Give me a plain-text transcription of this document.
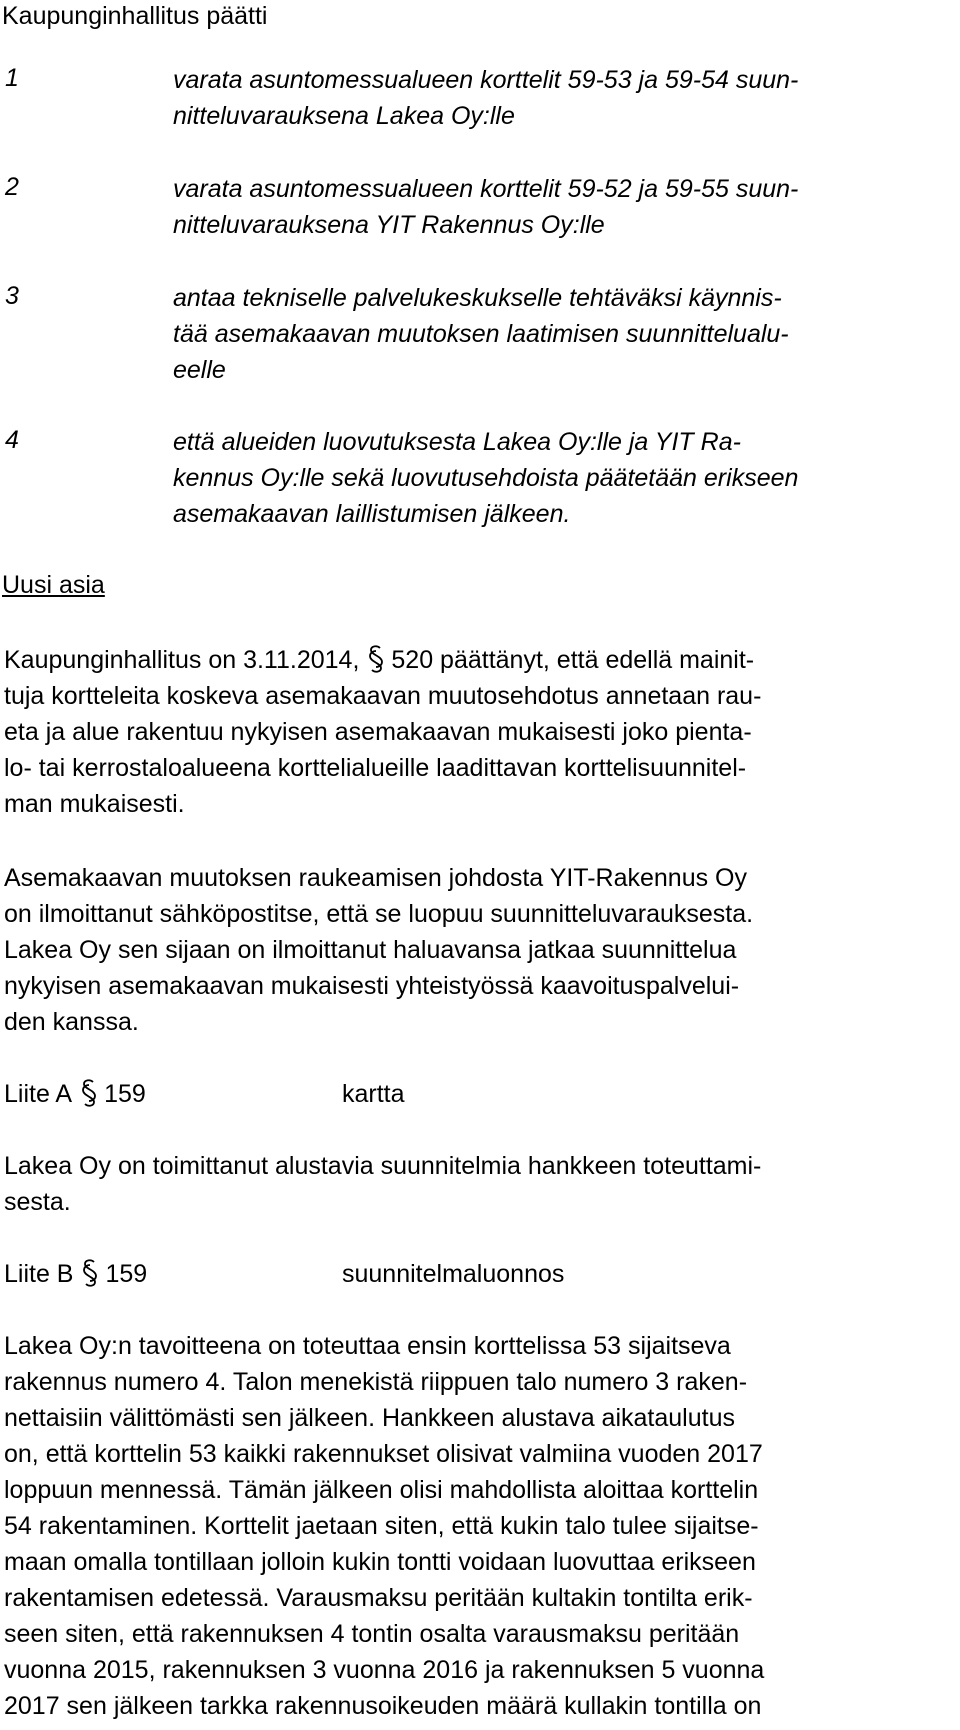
Kaupunginhallitus päätti
1	varata asuntomessualueen korttelit 59-53 ja 59-54 suun-
nitteluvarauksena Lakea Oy:lle
2	varata asuntomessualueen korttelit 59-52 ja 59-55 suun-
nitteluvarauksena YIT Rakennus Oy:lle
3	antaa tekniselle palvelukeskukselle tehtäväksi käynnis-
tää asemakaavan muutoksen laatimisen suunnittelualu-
eelle
4	että alueiden luovutuksesta Lakea Oy:lle ja YIT Ra-
kennus Oy:lle sekä luovutusehdoista päätetään erikseen
asemakaavan laillistumisen jälkeen.
Uusi asia
Kaupunginhallitus on 3.11.2014, 520 päättänyt, että edellä mainit-
tuja kortteleita koskeva asemakaavan muutosehdotus annetaan rau-
eta ja alue rakentuu nykyisen asemakaavan mukaisesti joko pienta-
lo- tai kerrostaloalueena korttelialueille laadittavan korttelisuunnitel-
man mukaisesti.
Asemakaavan muutoksen raukeamisen johdosta YIT-Rakennus Oy
on ilmoittanut sähköpostitse, että se luopuu suunnitteluvarauksesta.
Lakea Oy sen sijaan on ilmoittanut haluavansa jatkaa suunnittelua
nykyisen asemakaavan mukaisesti yhteistyössä kaavoituspalvelui-
den kanssa.
Liite A 159	kartta
Lakea Oy on toimittanut alustavia suunnitelmia hankkeen toteuttami-
sesta.
Liite B 159	suunnitelmaluonnos
Lakea Oy:n tavoitteena on toteuttaa ensin korttelissa 53 sijaitseva
rakennus numero 4. Talon menekistä riippuen talo numero 3 raken-
nettaisiin välittömästi sen jälkeen. Hankkeen alustava aikataulutus
on, että korttelin 53 kaikki rakennukset olisivat valmiina vuoden 2017
loppuun mennessä. Tämän jälkeen olisi mahdollista aloittaa korttelin
54 rakentaminen. Korttelit jaetaan siten, että kukin talo tulee sijaitse-
maan omalla tontillaan jolloin kukin tontti voidaan luovuttaa erikseen
rakentamisen edetessä. Varausmaksu peritään kultakin tontilta erik-
seen siten, että rakennuksen 4 tontin osalta varausmaksu peritään
vuonna 2015, rakennuksen 3 vuonna 2016 ja rakennuksen 5 vuonna
2017 sen jälkeen tarkka rakennusoikeuden määrä kullakin tontilla on
